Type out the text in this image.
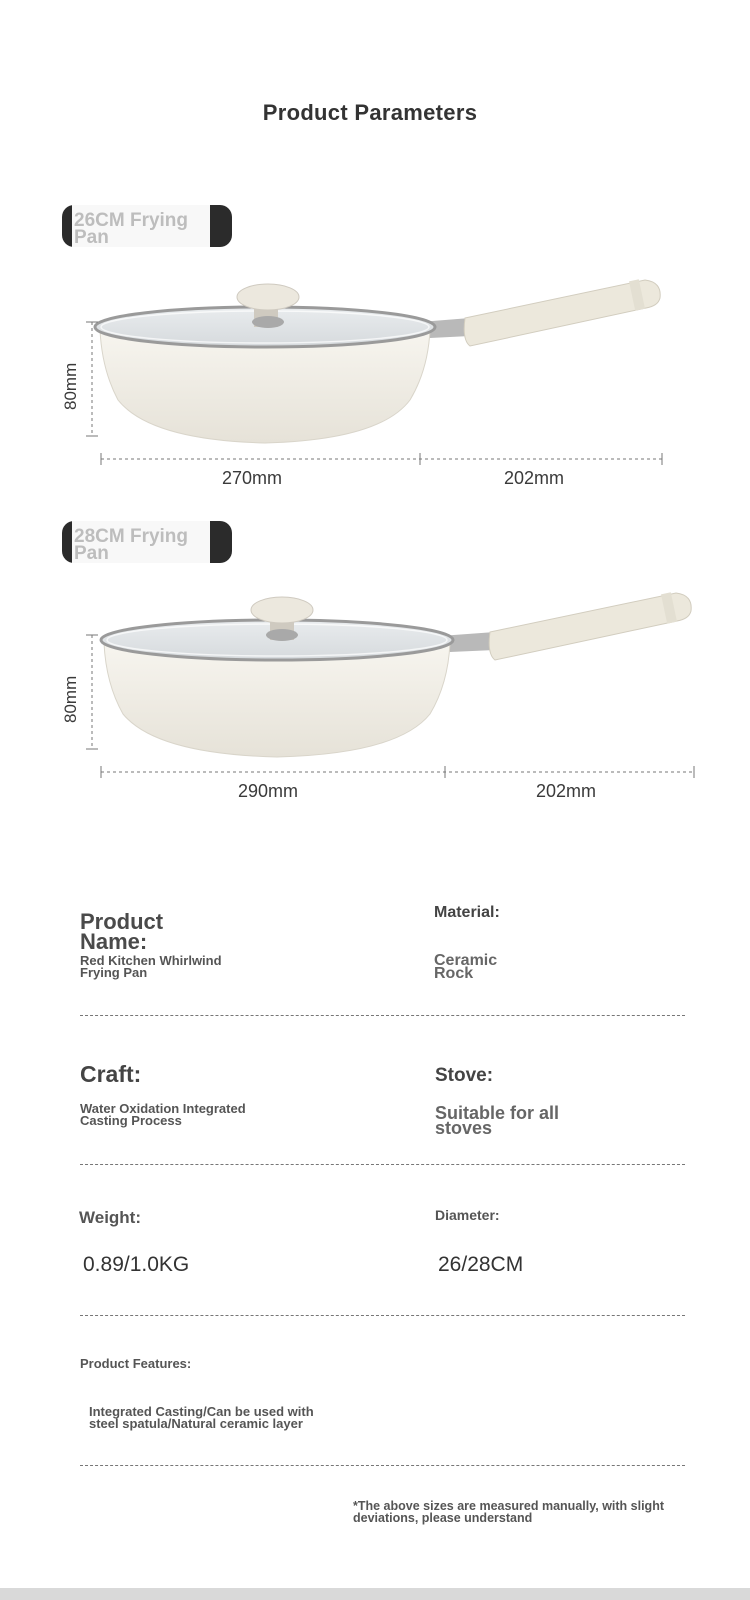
Product Parameters
26CM Frying Pan
80mm
270mm	202mm
28CM Frying Pan
80mm
290mm	202mm
Product Name:
Red Kitchen Whirlwind Frying Pan
Material:
Ceramic Rock
Craft:
Water Oxidation Integrated Casting Process
Stove:
Suitable for all stoves
Weight:
0.89/1.0KG
Diameter:
26/28CM
Product Features:
Integrated Casting/Can be used with steel spatula/Natural ceramic layer
*The above sizes are measured manually, with slight deviations, please understand
